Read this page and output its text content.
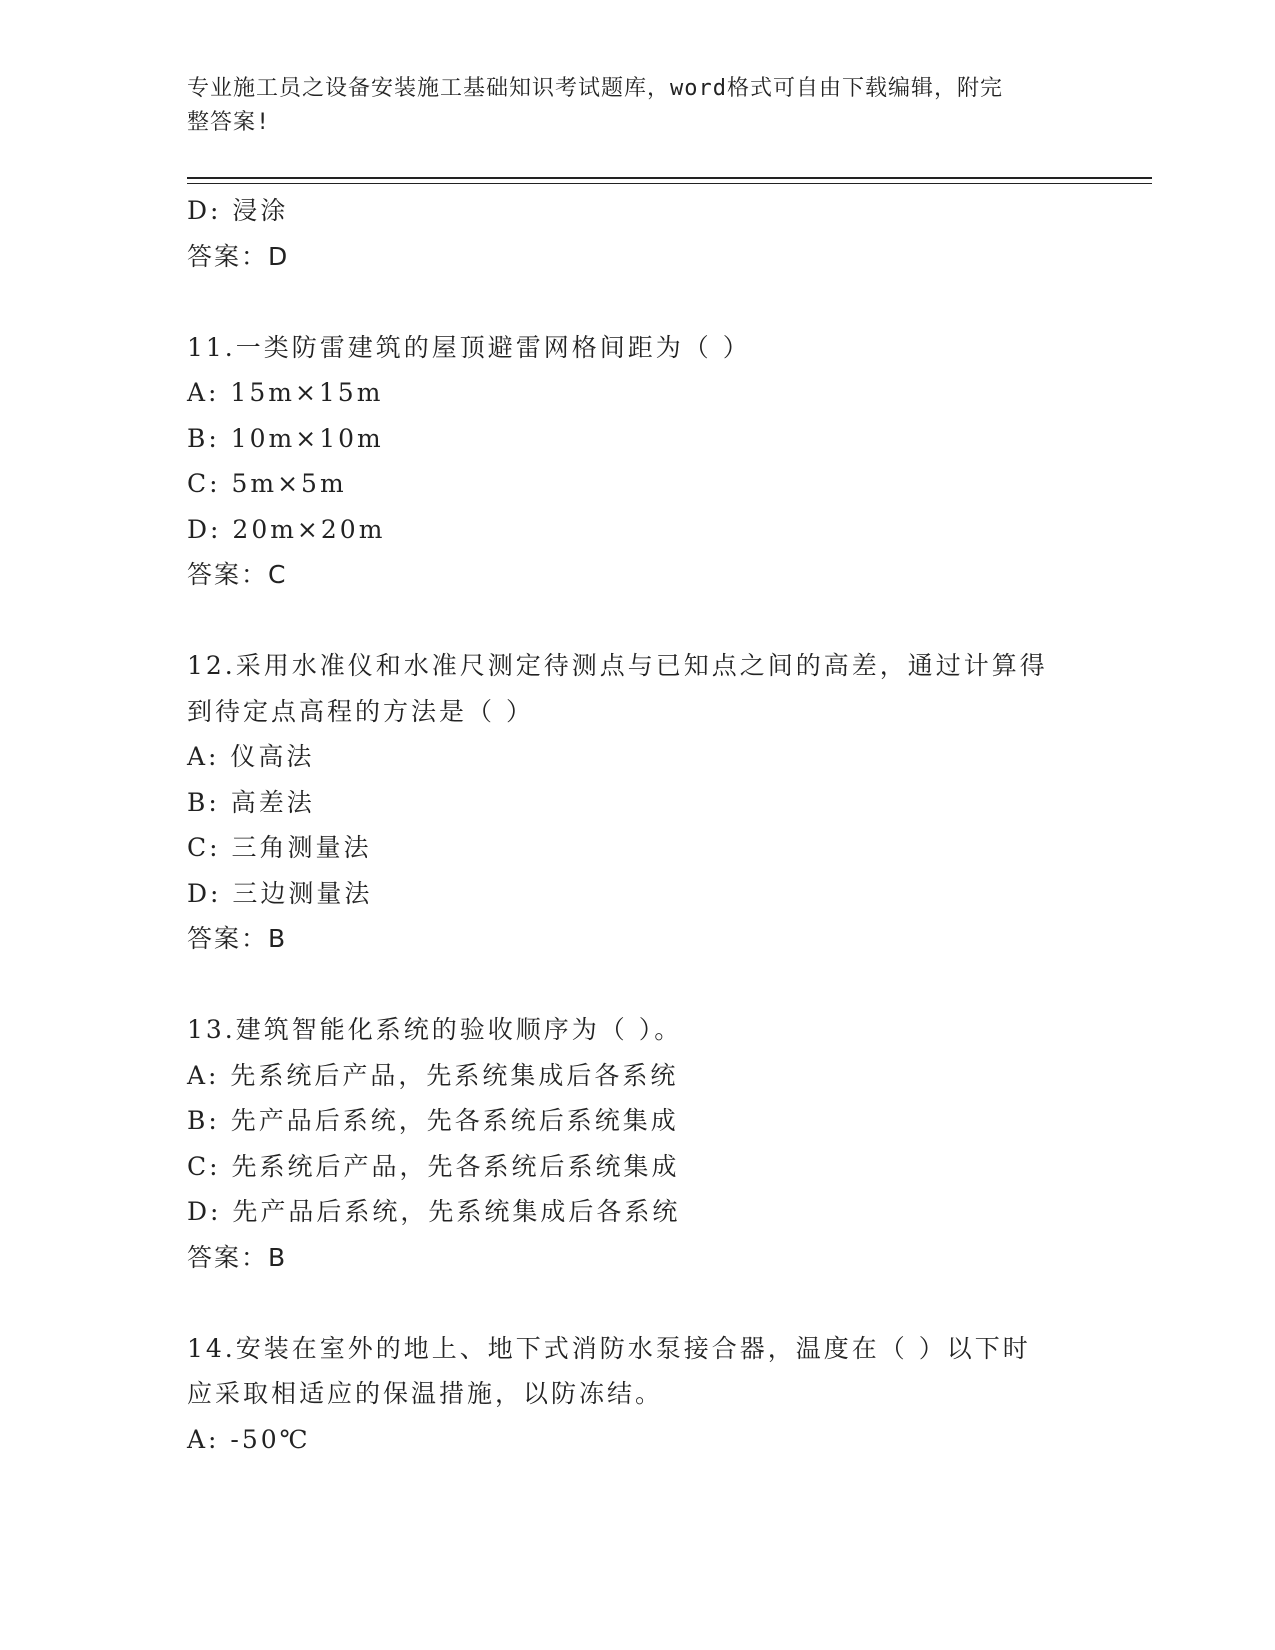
专业施工员之设备安装施工基础知识考试题库，word格式可自由下载编辑，附完
整答案!
D: 浸涂
答案：D
11.一类防雷建筑的屋顶避雷网格间距为（ ）
A: 15m×15m
B: 10m×10m
C: 5m×5m
D: 20m×20m
答案：C
12.采用水准仪和水准尺测定待测点与已知点之间的高差，通过计算得
到待定点高程的方法是（ ）
A: 仪高法
B: 高差法
C: 三角测量法
D: 三边测量法
答案：B
13.建筑智能化系统的验收顺序为（ ）。
A: 先系统后产品，先系统集成后各系统
B: 先产品后系统，先各系统后系统集成
C: 先系统后产品，先各系统后系统集成
D: 先产品后系统，先系统集成后各系统
答案：B
14.安装在室外的地上、地下式消防水泵接合器，温度在（ ）以下时
应采取相适应的保温措施，以防冻结。
A: -50℃
